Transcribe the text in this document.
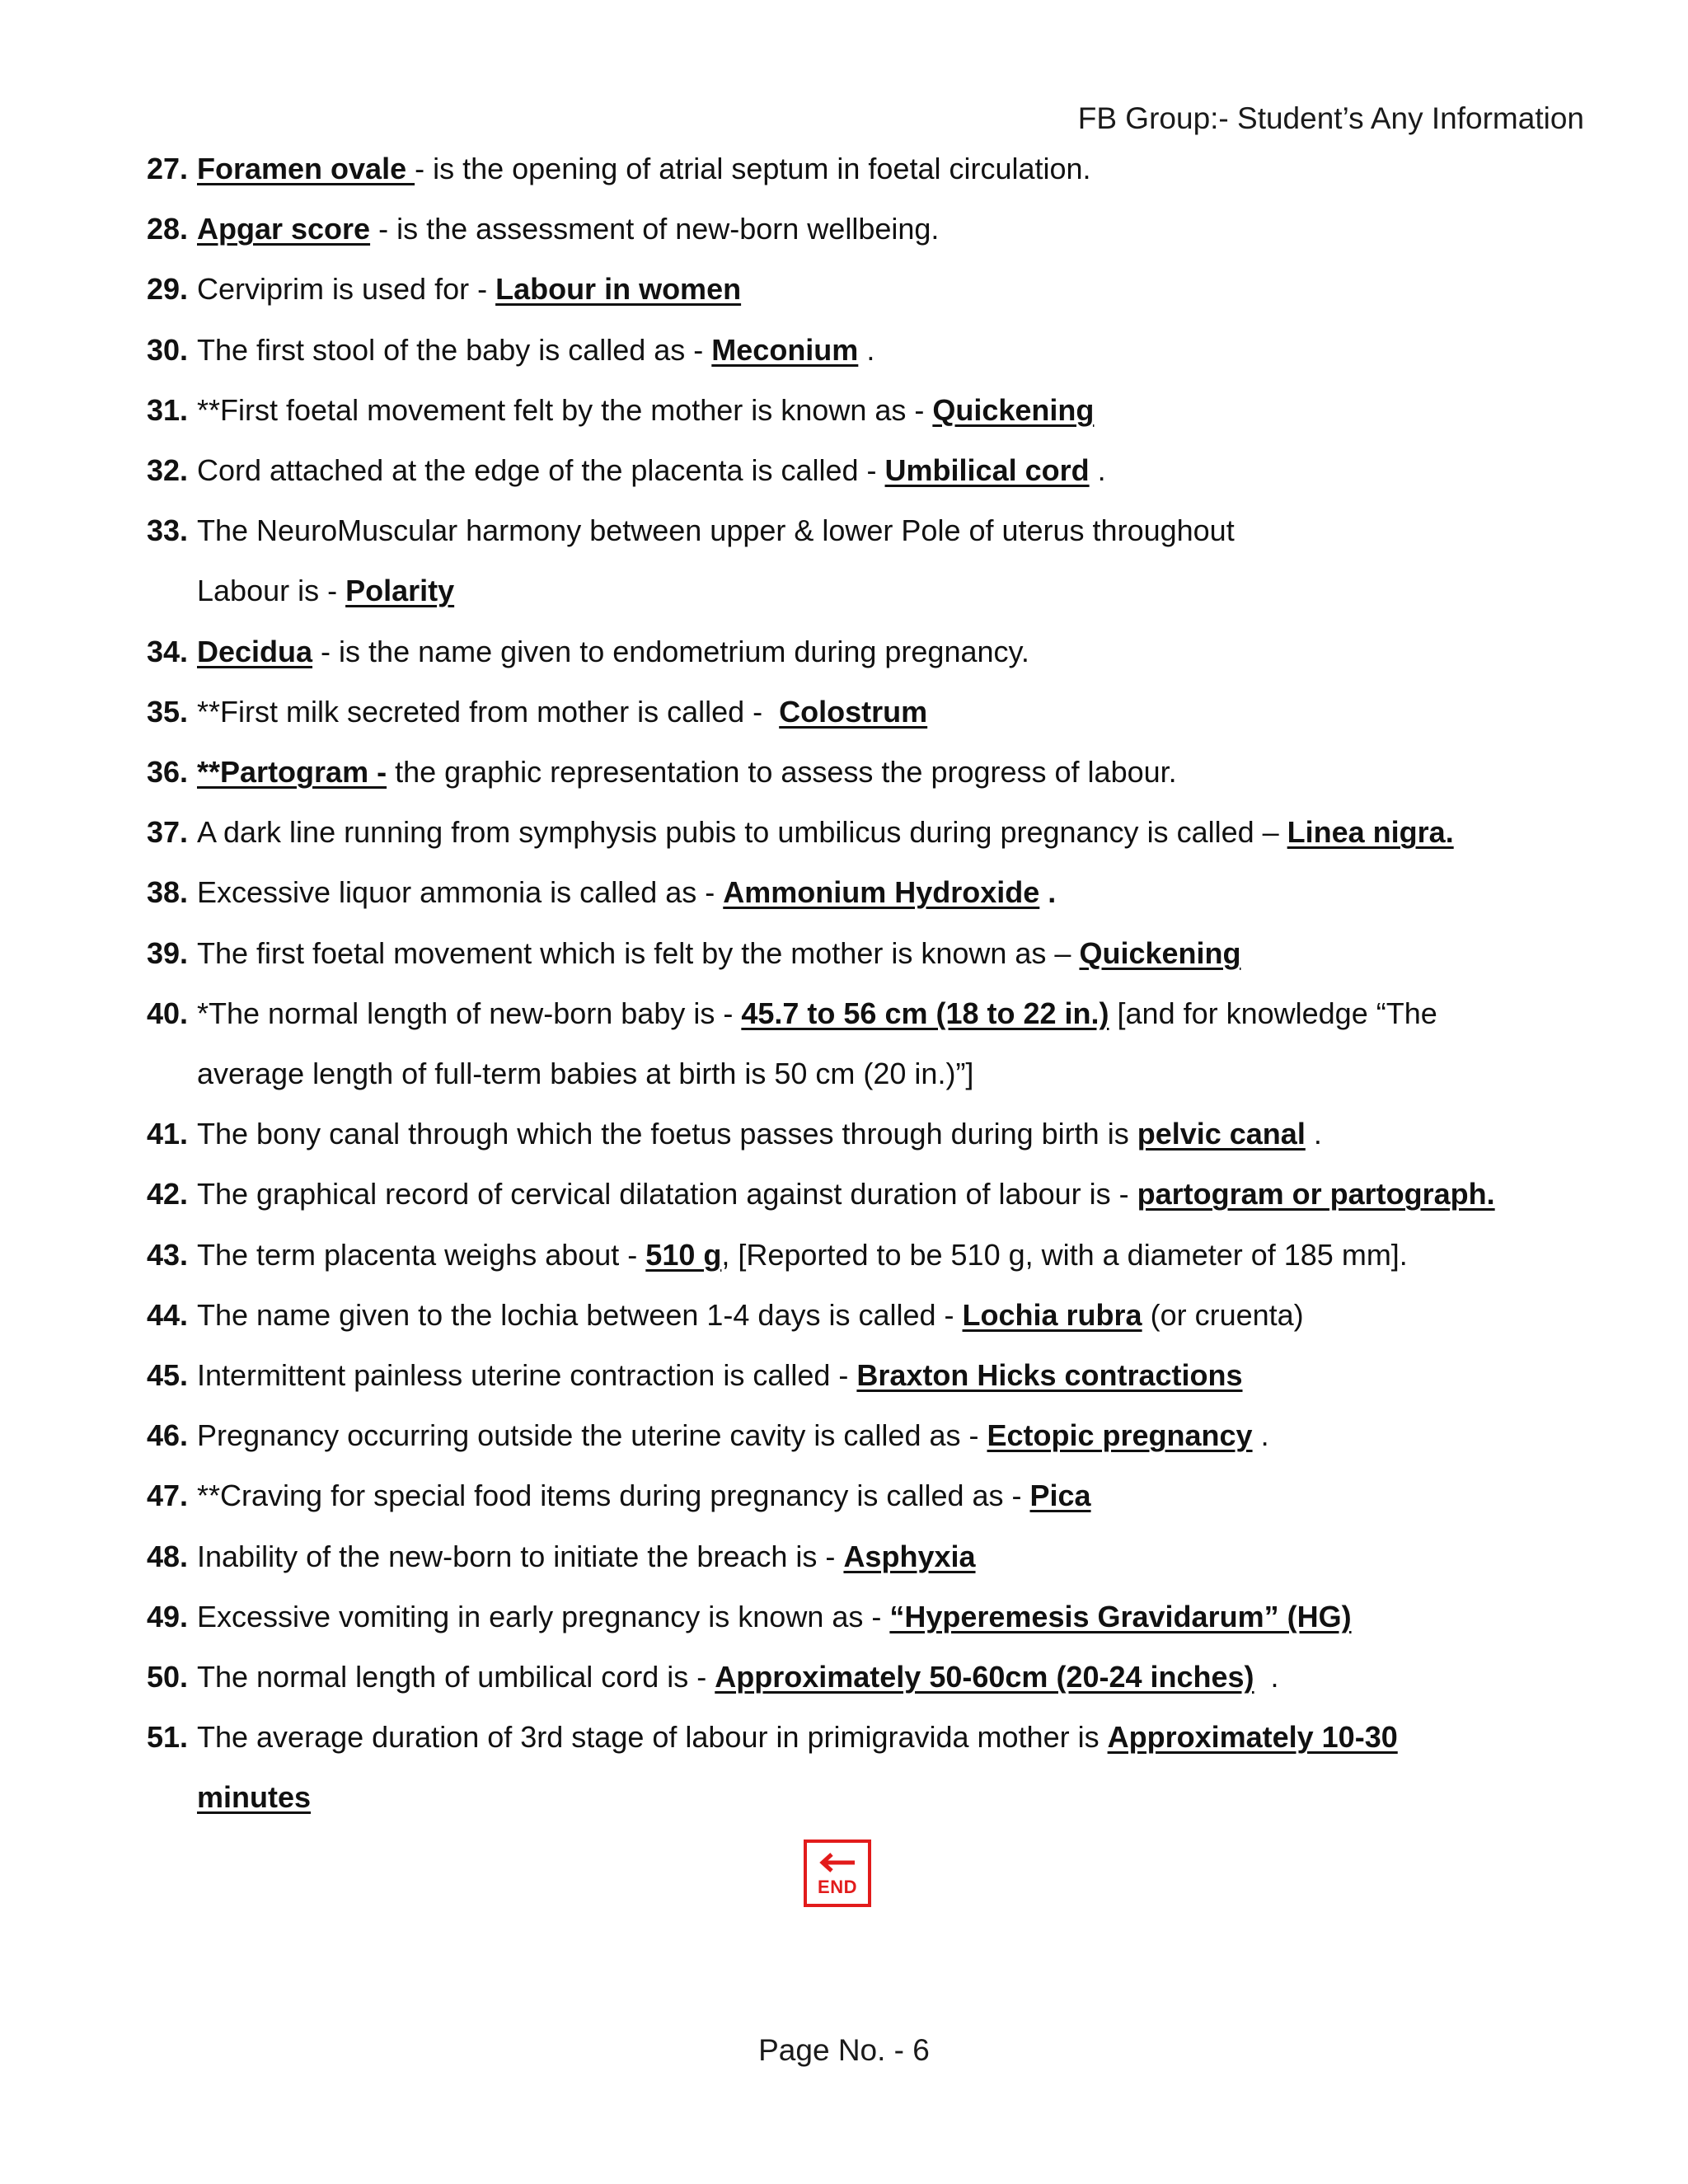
FB Group:- Student’s Any Information
27. Foramen ovale - is the opening of atrial septum in foetal circulation.
28. Apgar score - is the assessment of new-born wellbeing.
29. Cerviprim is used for - Labour in women
30. The first stool of the baby is called as - Meconium .
31. **First foetal movement felt by the mother is known as - Quickening
32. Cord attached at the edge of the placenta is called - Umbilical cord .
33. The NeuroMuscular harmony between upper & lower Pole of uterus throughout
Labour is - Polarity
34. Decidua - is the name given to endometrium during pregnancy.
35. **First milk secreted from mother is called -  Colostrum
36. **Partogram - the graphic representation to assess the progress of labour.
37. A dark line running from symphysis pubis to umbilicus during pregnancy is called – Linea nigra.
38. Excessive liquor ammonia is called as - Ammonium Hydroxide .
39. The first foetal movement which is felt by the mother is known as – Quickening
40. *The normal length of new-born baby is - 45.7 to 56 cm (18 to 22 in.) [and for knowledge “The
average length of full-term babies at birth is 50 cm (20 in.)”]
41. The bony canal through which the foetus passes through during birth is pelvic canal .
42. The graphical record of cervical dilatation against duration of labour is - partogram or partograph.
43. The term placenta weighs about - 510 g, [Reported to be 510 g, with a diameter of 185 mm].
44. The name given to the lochia between 1-4 days is called - Lochia rubra (or cruenta)
45. Intermittent painless uterine contraction is called - Braxton Hicks contractions
46. Pregnancy occurring outside the uterine cavity is called as - Ectopic pregnancy .
47. **Craving for special food items during pregnancy is called as - Pica
48. Inability of the new-born to initiate the breach is - Asphyxia
49. Excessive vomiting in early pregnancy is known as - “Hyperemesis Gravidarum” (HG)
50. The normal length of umbilical cord is - Approximately 50-60cm (20-24 inches)  .
51. The average duration of 3rd stage of labour in primigravida mother is Approximately 10-30
minutes
END
Page No. - 6
